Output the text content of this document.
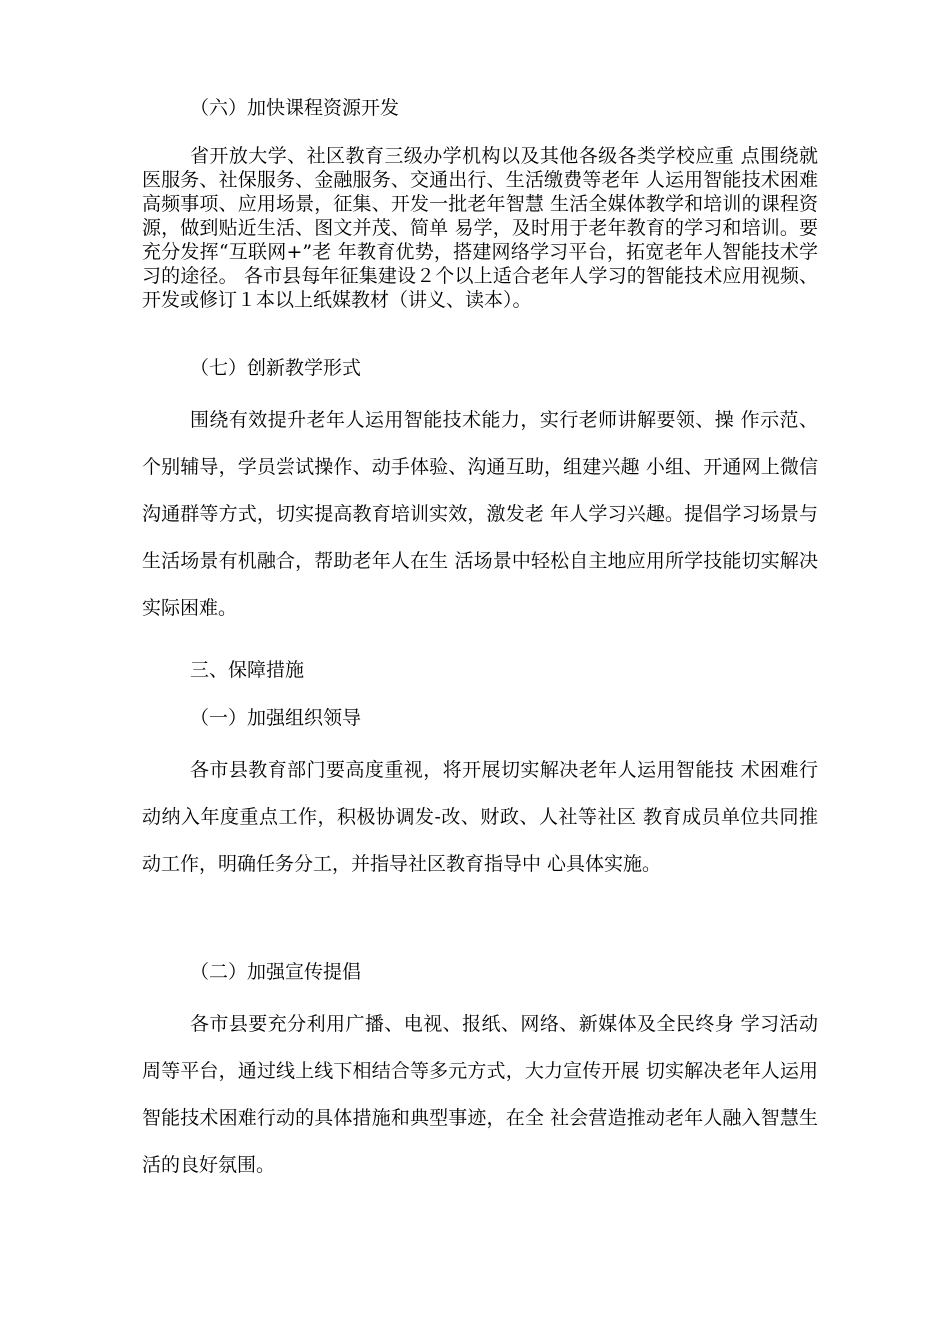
（六）加快课程资源开发

省开放大学、社区教育三级办学机构以及其他各级各类学校应重 点围绕就医服务、社保服务、金融服务、交通出行、生活缴费等老年 人运用智能技术困难高频事项、应用场景，征集、开发一批老年智慧 生活全媒体教学和培训的课程资源，做到贴近生活、图文并茂、简单 易学，及时用于老年教育的学习和培训。要充分发挥“互联网+”老 年教育优势，搭建网络学习平台，拓宽老年人智能技术学习的途径。 各市县每年征集建设２个以上适合老年人学习的智能技术应用视频、 开发或修订１本以上纸媒教材（讲义、读本）。

（七）创新教学形式

围绕有效提升老年人运用智能技术能力，实行老师讲解要领、操 作示范、个别辅导，学员尝试操作、动手体验、沟通互助，组建兴趣 小组、开通网上微信沟通群等方式，切实提高教育培训实效，激发老 年人学习兴趣。提倡学习场景与生活场景有机融合，帮助老年人在生 活场景中轻松自主地应用所学技能切实解决实际困难。

三、保障措施

（一）加强组织领导

各市县教育部门要高度重视，将开展切实解决老年人运用智能技 术困难行动纳入年度重点工作，积极协调发-改、财政、人社等社区 教育成员单位共同推动工作，明确任务分工，并指导社区教育指导中 心具体实施。

（二）加强宣传提倡

各市县要充分利用广播、电视、报纸、网络、新媒体及全民终身 学习活动周等平台，通过线上线下相结合等多元方式，大力宣传开展 切实解决老年人运用智能技术困难行动的具体措施和典型事迹，在全 社会营造推动老年人融入智慧生活的良好氛围。
